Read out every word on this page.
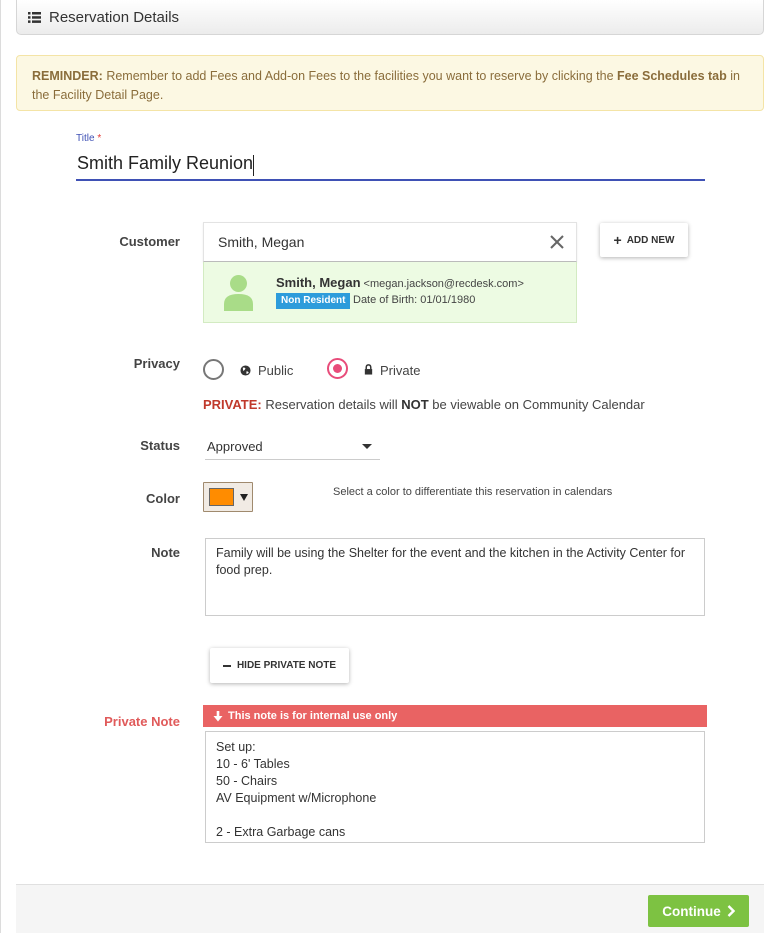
Reservation Details
REMINDER: Remember to add Fees and Add-on Fees to the facilities you want to reserve by clicking the Fee Schedules tab in the Facility Detail Page.
Title *
Smith Family Reunion
Customer	Smith, Megan	+ ADD NEW
Smith, Megan <megan.jackson@recdesk.com>
Non Resident Date of Birth: 01/01/1980
Privacy	Public	Private
PRIVATE: Reservation details will NOT be viewable on Community Calendar
Status Approved
Color	Select a color to differentiate this reservation in calendars
Note	Family will be using the Shelter for the event and the kitchen in the Activity Center for food prep.
HIDE PRIVATE NOTE
Private Note	This note is for internal use only
Set up:
10 - 6' Tables
50 - Chairs
AV Equipment w/Microphone
2 - Extra Garbage cans
Continue
